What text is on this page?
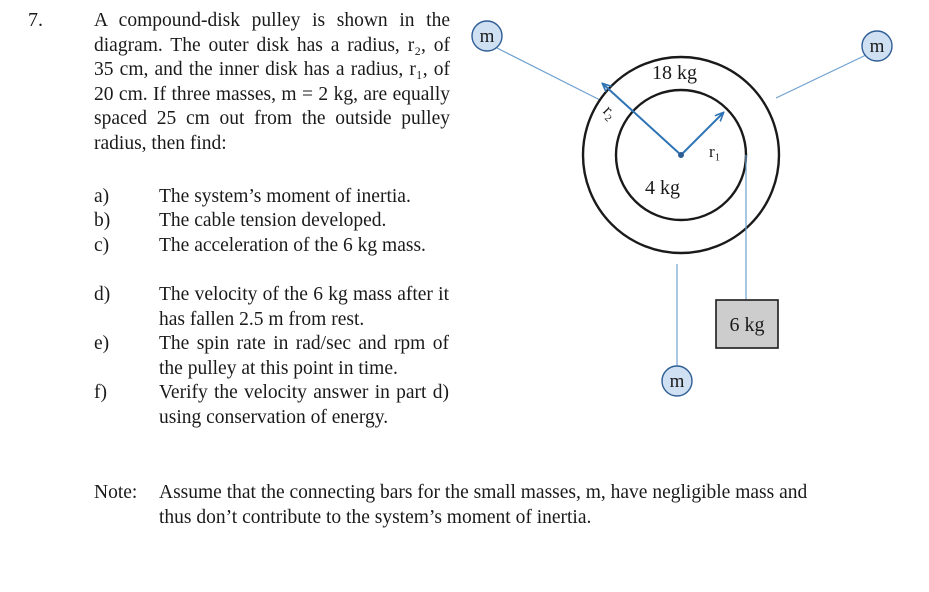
7.	A compound-disk pulley is shown in the diagram. The outer disk has a radius, r₂, of 35 cm, and the inner disk has a radius, r₁, of 20 cm. If three masses, m = 2 kg, are equally spaced 25 cm out from the outside pulley radius, then find:
a)	The system’s moment of inertia.
b)	The cable tension developed.
c)	The acceleration of the 6 kg mass.
d)	The velocity of the 6 kg mass after it has fallen 2.5 m from rest.
e)	The spin rate in rad/sec and rpm of the pulley at this point in time.
f)	Verify the velocity answer in part d) using conservation of energy.
Note: Assume that the connecting bars for the small masses, m, have negligible mass and thus don’t contribute to the system’s moment of inertia.
18 kg
4 kg
r₂
r₁
6 kg
m	m
m
